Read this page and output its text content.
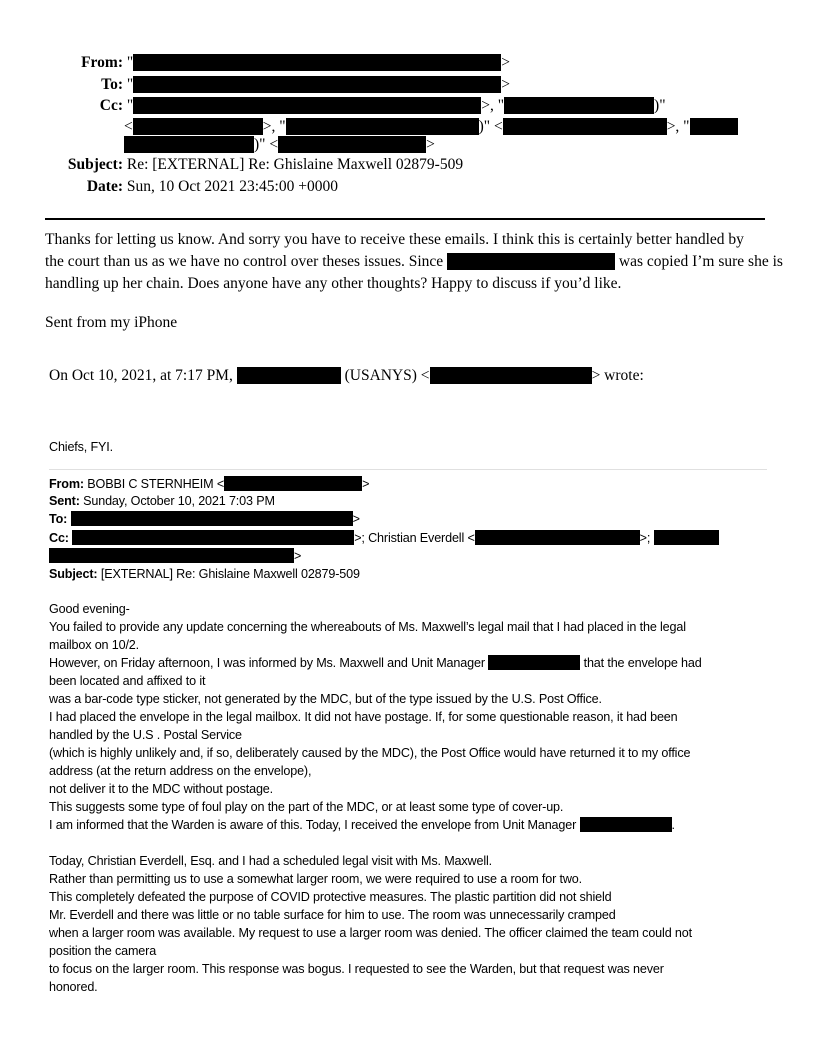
From: "	>
To: "	>
Cc: "	>, "	)"
<	>, "	)" <	>, "
)" <	>
Subject: Re: [EXTERNAL] Re: Ghislaine Maxwell 02879-509
Date: Sun, 10 Oct 2021 23:45:00 +0000
Thanks for letting us know. And sorry you have to receive these emails. I think this is certainly better handled by
the court than us as we have no control over theses issues. Since	was copied I’m sure she is
handling up her chain. Does anyone have any other thoughts? Happy to discuss if you’d like.
Sent from my iPhone
On Oct 10, 2021, at 7:17 PM,	(USANYS) <	> wrote:
Chiefs, FYI.
From: BOBBI C STERNHEIM <	>
Sent: Sunday, October 10, 2021 7:03 PM
To:	>
Cc:	>; Christian Everdell <	>;
>
Subject: [EXTERNAL] Re: Ghislaine Maxwell 02879-509
Good evening-
You failed to provide any update concerning the whereabouts of Ms. Maxwell’s legal mail that I had placed in the legal
mailbox on 10/2.
However, on Friday afternoon, I was informed by Ms. Maxwell and Unit Manager	that the envelope had
been located and affixed to it
was a bar-code type sticker, not generated by the MDC, but of the type issued by the U.S. Post Office.
I had placed the envelope in the legal mailbox. It did not have postage. If, for some questionable reason, it had been
handled by the U.S . Postal Service
(which is highly unlikely and, if so, deliberately caused by the MDC), the Post Office would have returned it to my office
address (at the return address on the envelope),
not deliver it to the MDC without postage.
This suggests some type of foul play on the part of the MDC, or at least some type of cover-up.
I am informed that the Warden is aware of this. Today, I received the envelope from Unit Manager	.
Today, Christian Everdell, Esq. and I had a scheduled legal visit with Ms. Maxwell.
Rather than permitting us to use a somewhat larger room, we were required to use a room for two.
This completely defeated the purpose of COVID protective measures. The plastic partition did not shield
Mr. Everdell and there was little or no table surface for him to use. The room was unnecessarily cramped
when a larger room was available. My request to use a larger room was denied. The officer claimed the team could not
position the camera
to focus on the larger room. This response was bogus. I requested to see the Warden, but that request was never
honored.
